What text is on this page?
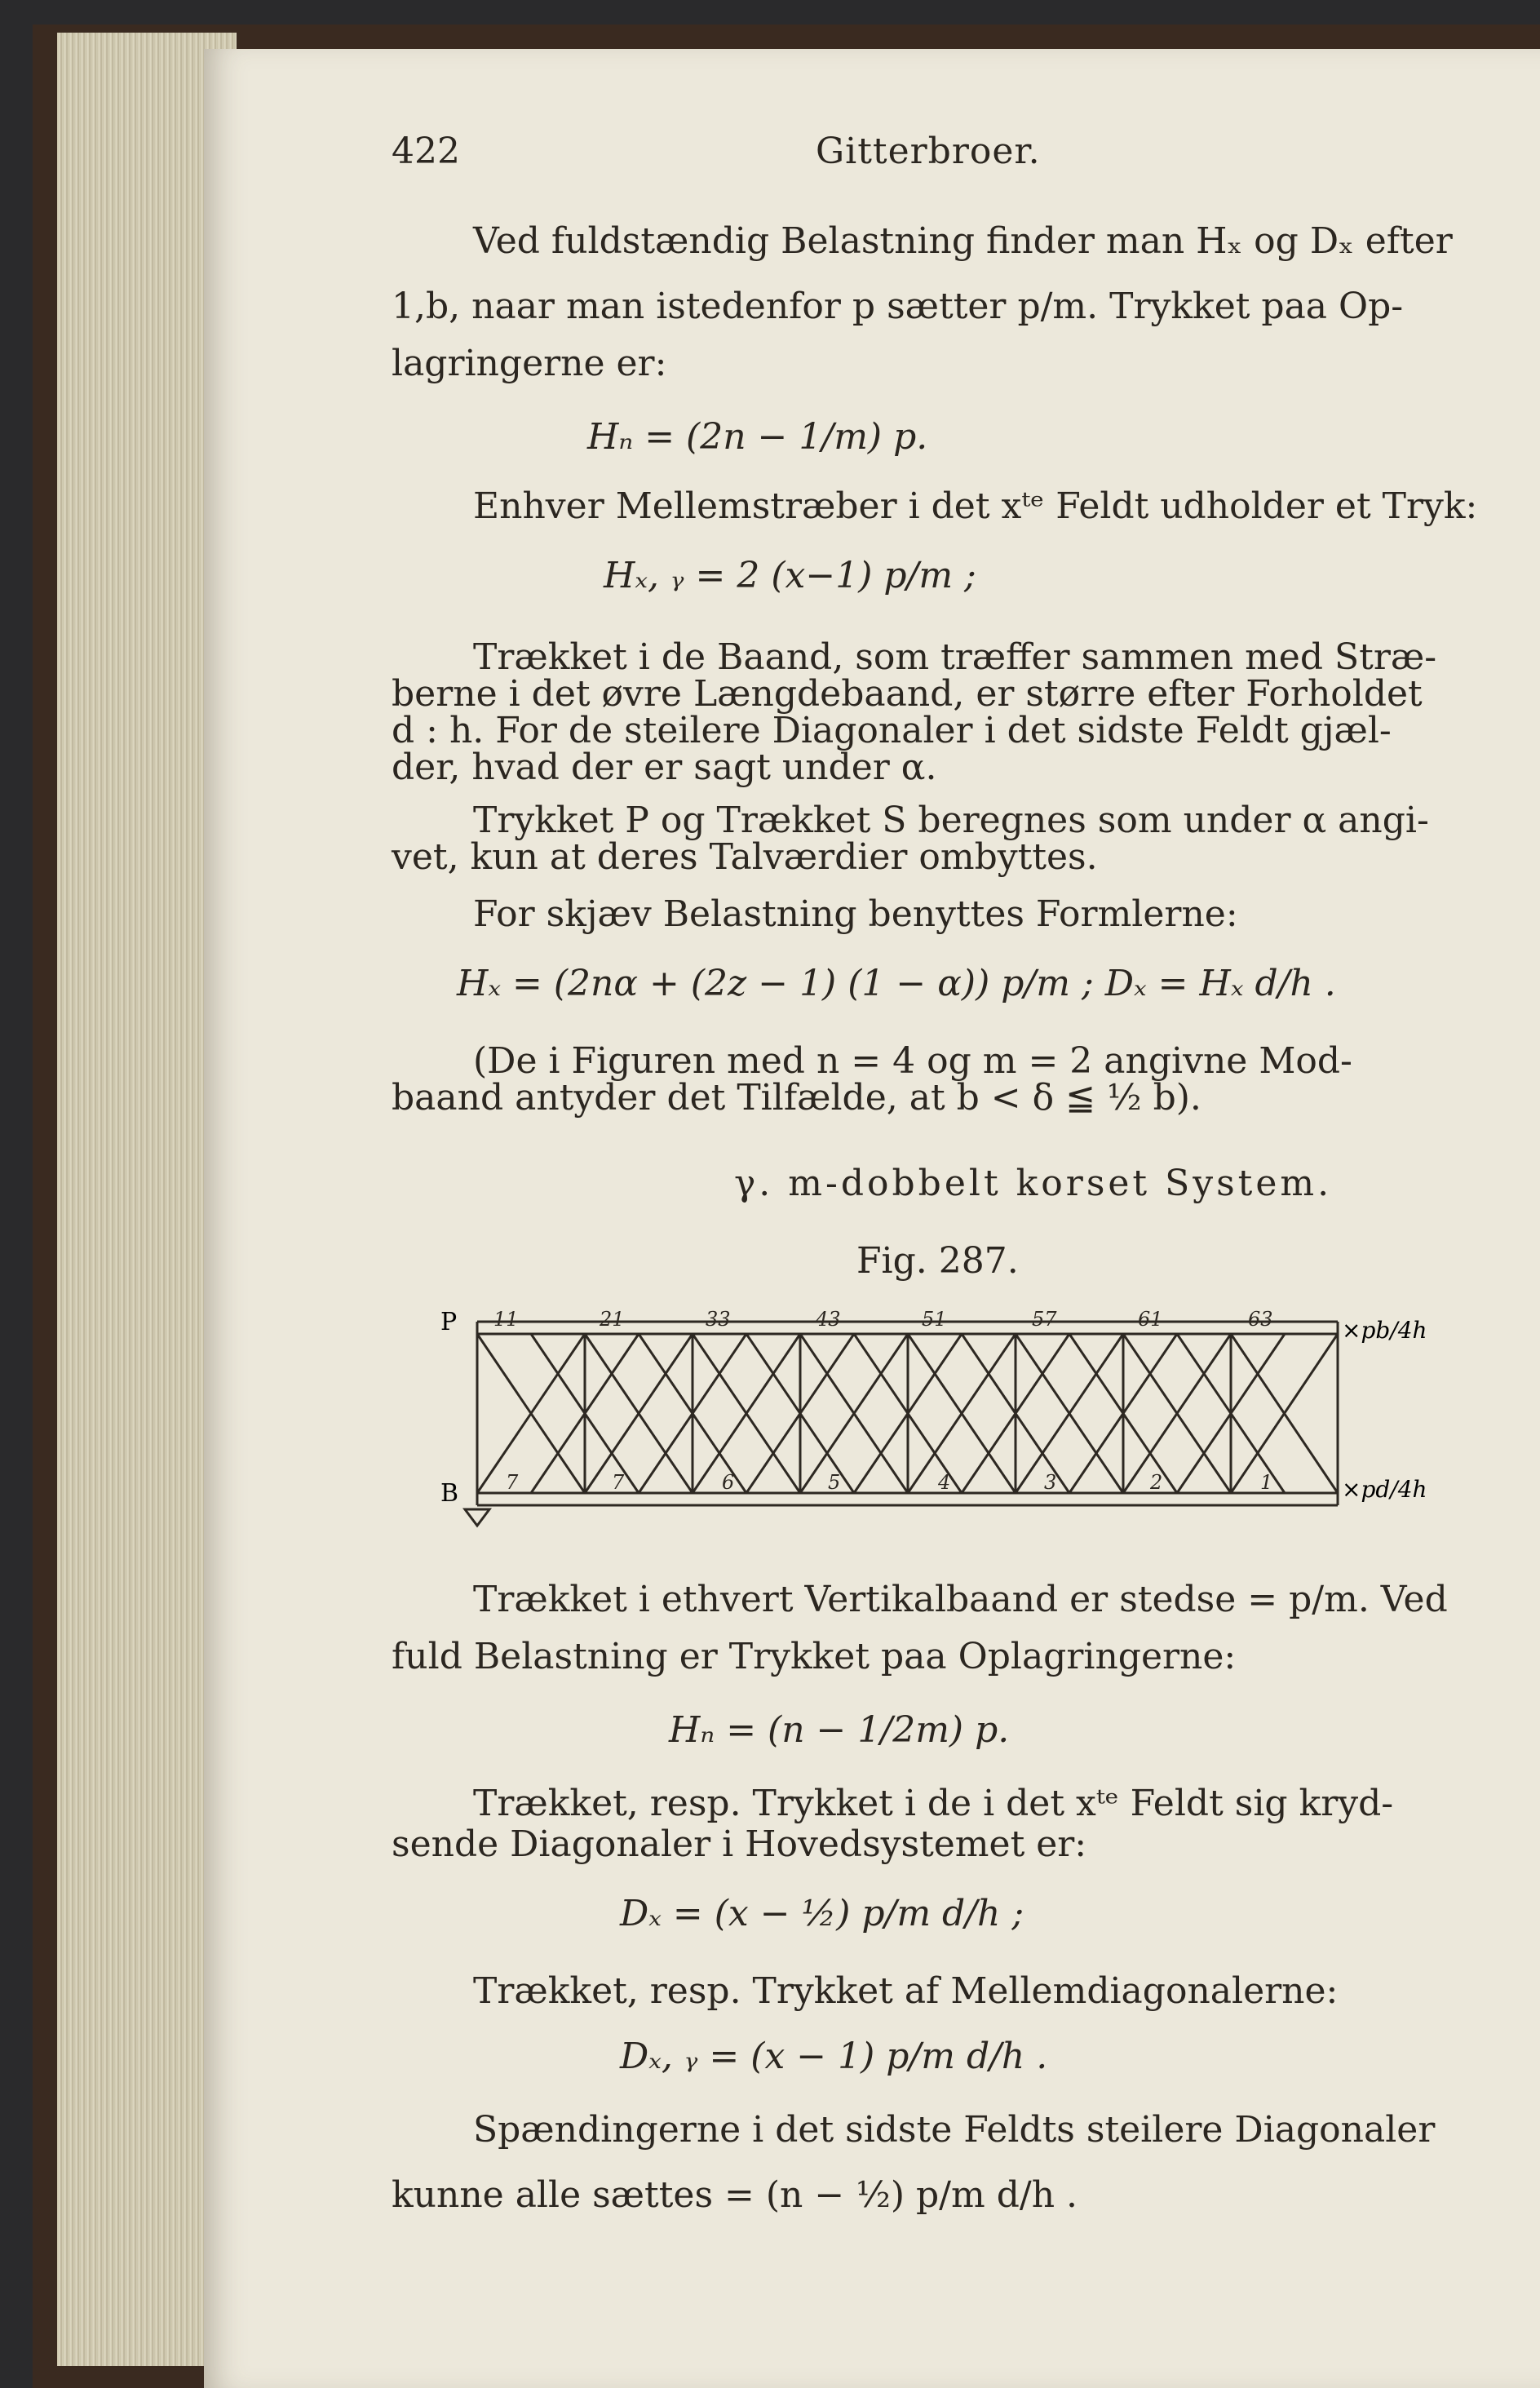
422	Gitterbroer.
Ved fuldstændig Belastning finder man Hₓ og Dₓ efter
1,b, naar man istedenfor p sætter p/m. Trykket paa Op-
lagringerne er:
Hₙ = (2n − 1/m) p.
Enhver Mellemstræber i det xᵗᵉ Feldt udholder et Tryk:
Hₓ, ᵧ = 2 (x−1) p/m ;
Trækket i de Baand, som træffer sammen med Stræ-
berne i det øvre Længdebaand, er større efter Forholdet
d : h. For de steilere Diagonaler i det sidste Feldt gjæl-
der, hvad der er sagt under α.
Trykket P og Trækket S beregnes som under α angi-
vet, kun at deres Talværdier ombyttes.
For skjæv Belastning benyttes Formlerne:
Hₓ = (2nα + (2z − 1) (1 − α)) p/m ; Dₓ = Hₓ d/h .
(De i Figuren med n = 4 og m = 2 angivne Mod-
baand antyder det Tilfælde, at b < δ ≦ ½ b).
γ. m-dobbelt korset System.
Fig. 287.
P
B
×pb/4h
×pd/4h
11	21	33	43	51	57	61	63
7	7	6	5	4	3	2	1
Trækket i ethvert Vertikalbaand er stedse = p/m. Ved
fuld Belastning er Trykket paa Oplagringerne:
Hₙ = (n − 1/2m) p.
Trækket, resp. Trykket i de i det xᵗᵉ Feldt sig kryd-
sende Diagonaler i Hovedsystemet er:
Dₓ = (x − ½) p/m d/h ;
Trækket, resp. Trykket af Mellemdiagonalerne:
Dₓ, ᵧ = (x − 1) p/m d/h .
Spændingerne i det sidste Feldts steilere Diagonaler
kunne alle sættes = (n − ½) p/m d/h .
